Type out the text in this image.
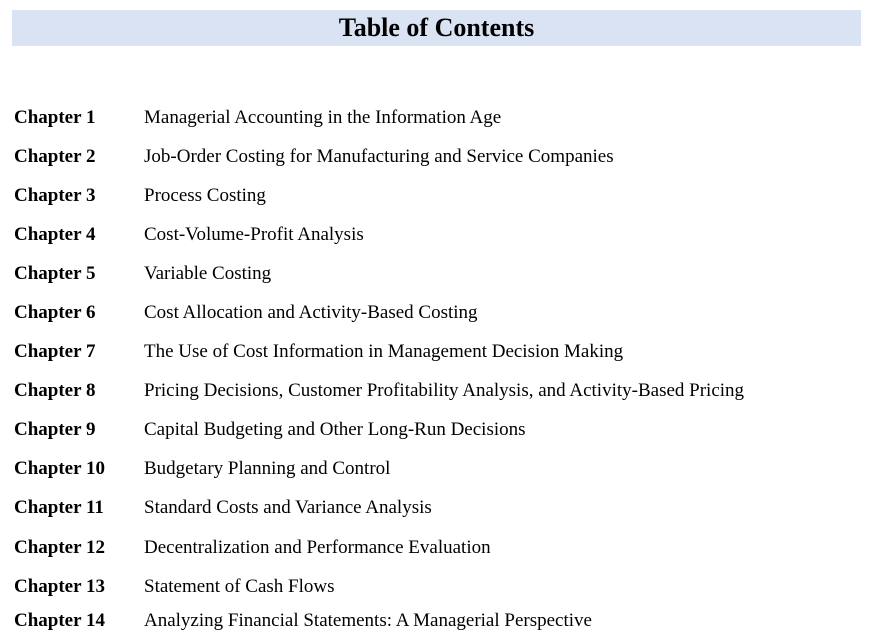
Table of Contents
Chapter 1	Managerial Accounting in the Information Age
Chapter 2	Job-Order Costing for Manufacturing and Service Companies
Chapter 3	Process Costing
Chapter 4	Cost-Volume-Profit Analysis
Chapter 5	Variable Costing
Chapter 6	Cost Allocation and Activity-Based Costing
Chapter 7	The Use of Cost Information in Management Decision Making
Chapter 8	Pricing Decisions, Customer Profitability Analysis, and Activity-Based Pricing
Chapter 9	Capital Budgeting and Other Long-Run Decisions
Chapter 10	Budgetary Planning and Control
Chapter 11	Standard Costs and Variance Analysis
Chapter 12	Decentralization and Performance Evaluation
Chapter 13	Statement of Cash Flows
Chapter 14	Analyzing Financial Statements: A Managerial Perspective
